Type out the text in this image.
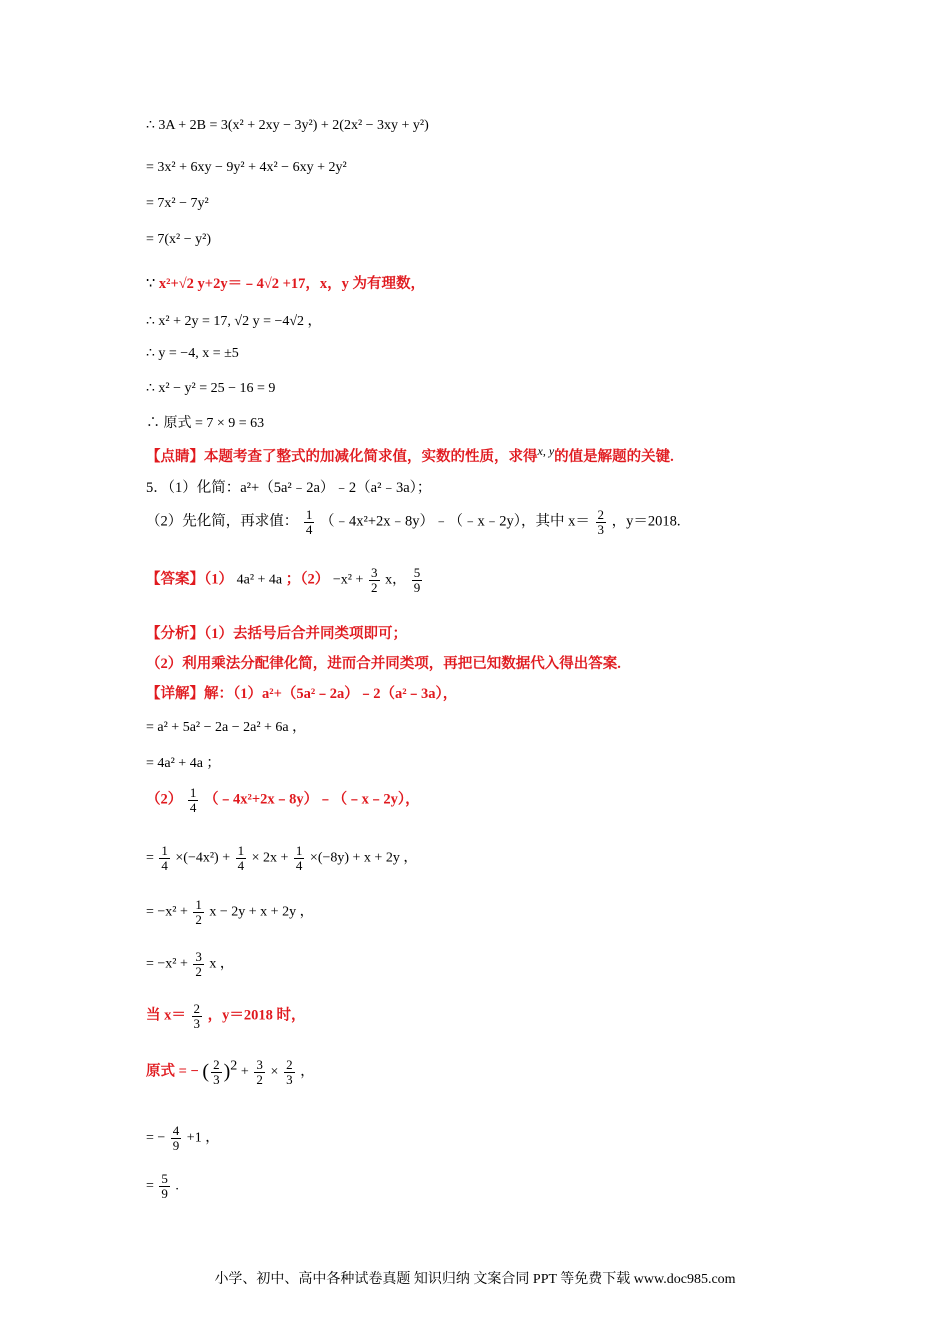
∴ 3A + 2B = 3(x² + 2xy − 3y²) + 2(2x² − 3xy + y²)
= 3x² + 6xy − 9y² + 4x² − 6xy + 2y²
= 7x² − 7y²
= 7(x² − y²)
∵ x²+√2 y+2y＝﹣4√2 +17，x，y 为有理数，
∴ x² + 2y = 17, √2 y = −4√2 ，
∴ y = −4, x = ±5
∴ x² − y² = 25 − 16 = 9
∴ 原式 = 7 × 9 = 63
【点睛】本题考查了整式的加减化简求值，实数的性质，求得$^{x, y}$的值是解题的关键.
5．（1）化简：a²+（5a²﹣2a）﹣2（a²﹣3a）；
（2）先化简，再求值： $\frac{1}{4}$ （﹣4x²+2x﹣8y）﹣（﹣x﹣2y），其中 $x= \frac{2}{3}$ ，y＝2018.
【答案】（1） 4a² + 4a ；$(2) -x^2 + \frac{3}{2}$ x， $\frac{5}{9}$
【分析】（1）去括号后合并同类项即可；
（2）利用乘法分配律化简，进而合并同类项，再把已知数据代入得出答案.
【详解】解：（1）a²+（5a²﹣2a）﹣2（a²﹣3a），
= a² + 5a² − 2a − 2a² + 6a ，
= 4a² + 4a ；
$(2) \frac{1}{4}$ （﹣4x²+2x﹣8y）﹣（﹣x﹣2y），
= $\frac{1}{4} \times(-4x^2) + \frac{1}{4} \times 2x + \frac{1}{4} \times(-8y) + x + 2y$ ，
= $-x^2 + \frac{1}{2}$ x − 2y + x + 2y ，
= $-x^2 + \frac{3}{2}$ x ，
当 $x= \frac{2}{3}$ ，y＝2018 时，
原式 = − ( $\frac{2}{3} )^2 + \frac{3}{2} \times \frac{2}{3}$ ，
= − $\frac{4}{9} +1$ ，
= $\frac{5}{9}$ .
小学、初中、高中各种试卷真题 知识归纳 文案合同 PPT 等免费下载 www.doc985.com
